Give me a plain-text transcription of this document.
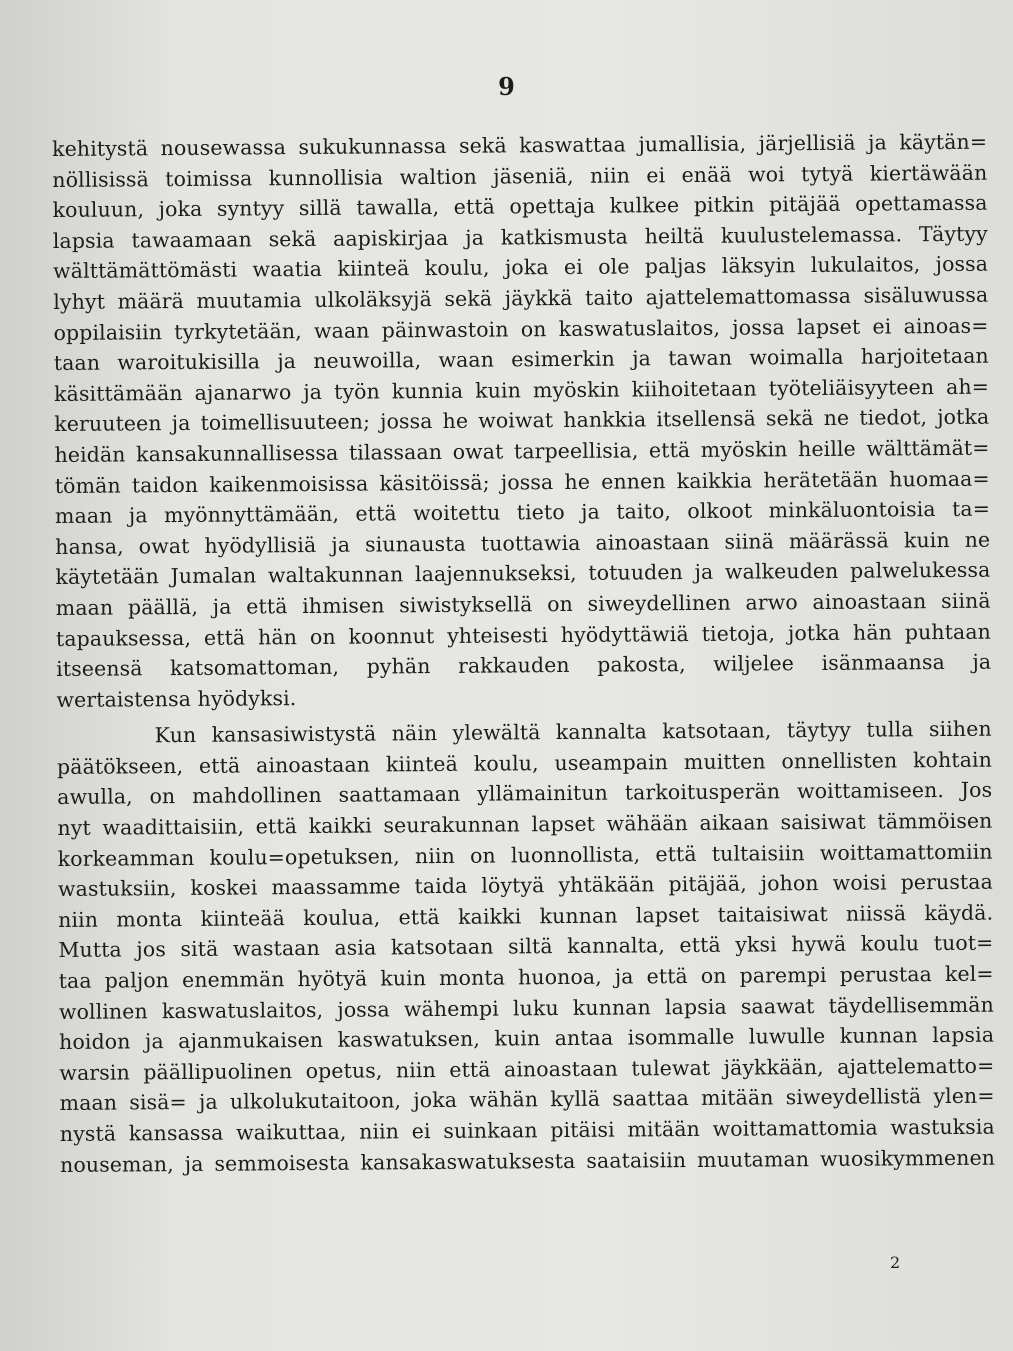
9
kehitystä nousewassa sukukunnassa sekä kaswattaa jumallisia, järjellisiä ja käytän=
nöllisissä toimissa kunnollisia waltion jäseniä, niin ei enää woi tytyä kiertäwään
kouluun, joka syntyy sillä tawalla, että opettaja kulkee pitkin pitäjää opettamassa
lapsia tawaamaan sekä aapiskirjaa ja katkismusta heiltä kuulustelemassa. Täytyy
wälttämättömästi waatia kiinteä koulu, joka ei ole paljas läksyin lukulaitos, jossa
lyhyt määrä muutamia ulkoläksyjä sekä jäykkä taito ajattelemattomassa sisäluwussa
oppilaisiin tyrkytetään, waan päinwastoin on kaswatuslaitos, jossa lapset ei ainoas=
taan waroitukisilla ja neuwoilla, waan esimerkin ja tawan woimalla harjoitetaan
käsittämään ajanarwo ja työn kunnia kuin myöskin kiihoitetaan työteliäisyyteen ah=
keruuteen ja toimellisuuteen; jossa he woiwat hankkia itsellensä sekä ne tiedot, jotka
heidän kansakunnallisessa tilassaan owat tarpeellisia, että myöskin heille wälttämät=
tömän taidon kaikenmoisissa käsitöissä; jossa he ennen kaikkia herätetään huomaa=
maan ja myönnyttämään, että woitettu tieto ja taito, olkoot minkäluontoisia ta=
hansa, owat hyödyllisiä ja siunausta tuottawia ainoastaan siinä määrässä kuin ne
käytetään Jumalan waltakunnan laajennukseksi, totuuden ja walkeuden palwelukessa
maan päällä, ja että ihmisen siwistyksellä on siweydellinen arwo ainoastaan siinä
tapauksessa, että hän on koonnut yhteisesti hyödyttäwiä tietoja, jotka hän puhtaan
itseensä katsomattoman, pyhän rakkauden pakosta, wiljelee isänmaansa ja
wertaistensa hyödyksi.
Kun kansasiwistystä näin ylewältä kannalta katsotaan, täytyy tulla siihen
päätökseen, että ainoastaan kiinteä koulu, useampain muitten onnellisten kohtain
awulla, on mahdollinen saattamaan yllämainitun tarkoitusperän woittamiseen. Jos
nyt waadittaisiin, että kaikki seurakunnan lapset wähään aikaan saisiwat tämmöisen
korkeamman koulu=opetuksen, niin on luonnollista, että tultaisiin woittamattomiin
wastuksiin, koskei maassamme taida löytyä yhtäkään pitäjää, johon woisi perustaa
niin monta kiinteää koulua, että kaikki kunnan lapset taitaisiwat niissä käydä.
Mutta jos sitä wastaan asia katsotaan siltä kannalta, että yksi hywä koulu tuot=
taa paljon enemmän hyötyä kuin monta huonoa, ja että on parempi perustaa kel=
wollinen kaswatuslaitos, jossa wähempi luku kunnan lapsia saawat täydellisemmän
hoidon ja ajanmukaisen kaswatuksen, kuin antaa isommalle luwulle kunnan lapsia
warsin päällipuolinen opetus, niin että ainoastaan tulewat jäykkään, ajattelematto=
maan sisä= ja ulkolukutaitoon, joka wähän kyllä saattaa mitään siweydellistä ylen=
nystä kansassa waikuttaa, niin ei suinkaan pitäisi mitään woittamattomia wastuksia
nouseman, ja semmoisesta kansakaswatuksesta saataisiin muutaman wuosikymmenen
2
